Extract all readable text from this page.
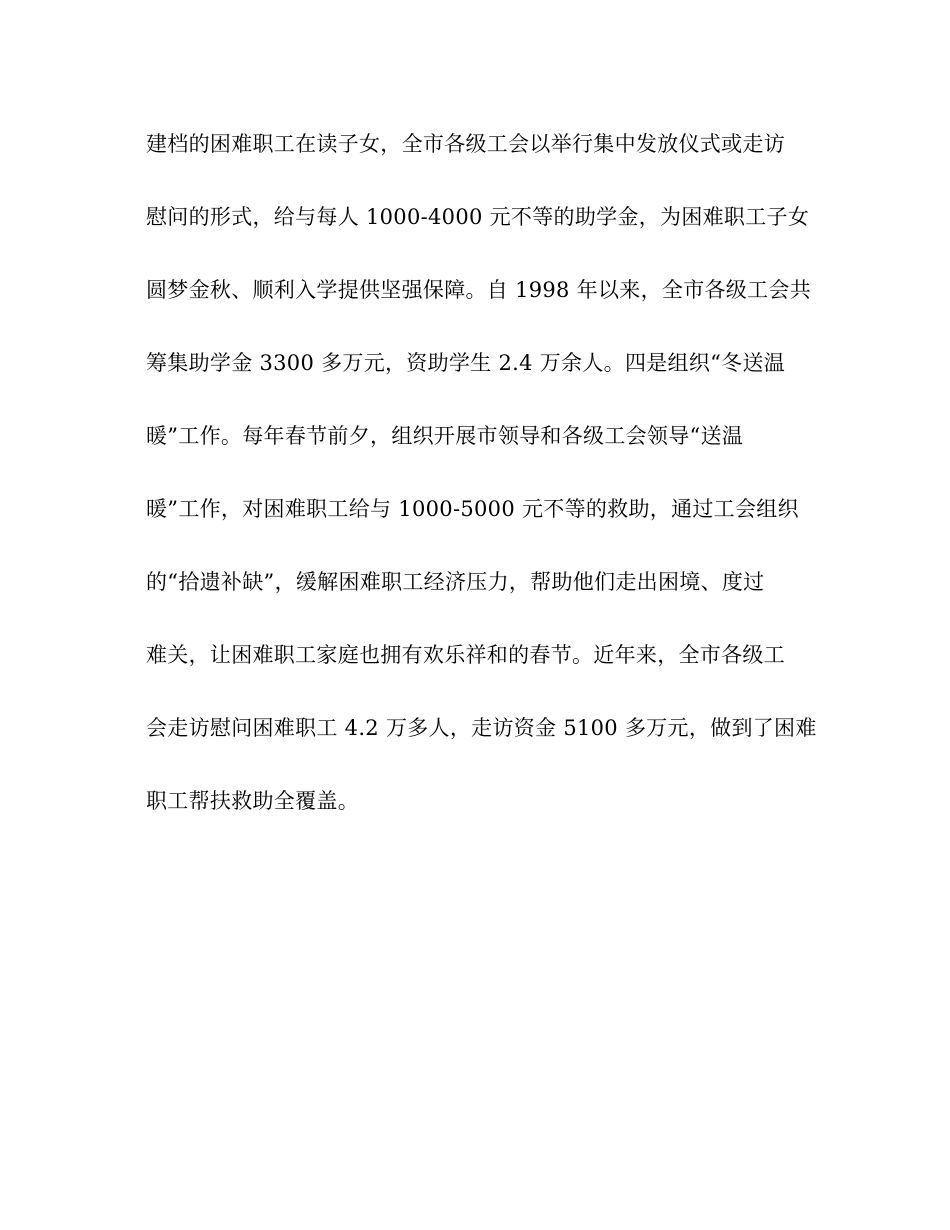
建档的困难职工在读子女，全市各级工会以举行集中发放仪式或走访
慰问的形式，给与每人 1000-4000 元不等的助学金，为困难职工子女
圆梦金秋、顺利入学提供坚强保障。自 1998 年以来，全市各级工会共
筹集助学金 3300 多万元，资助学生 2.4 万余人。四是组织“冬送温
暖”工作。每年春节前夕，组织开展市领导和各级工会领导“送温
暖”工作，对困难职工给与 1000-5000 元不等的救助，通过工会组织
的“拾遗补缺”，缓解困难职工经济压力，帮助他们走出困境、度过
难关，让困难职工家庭也拥有欢乐祥和的春节。近年来，全市各级工
会走访慰问困难职工 4.2 万多人，走访资金 5100 多万元，做到了困难
职工帮扶救助全覆盖。
